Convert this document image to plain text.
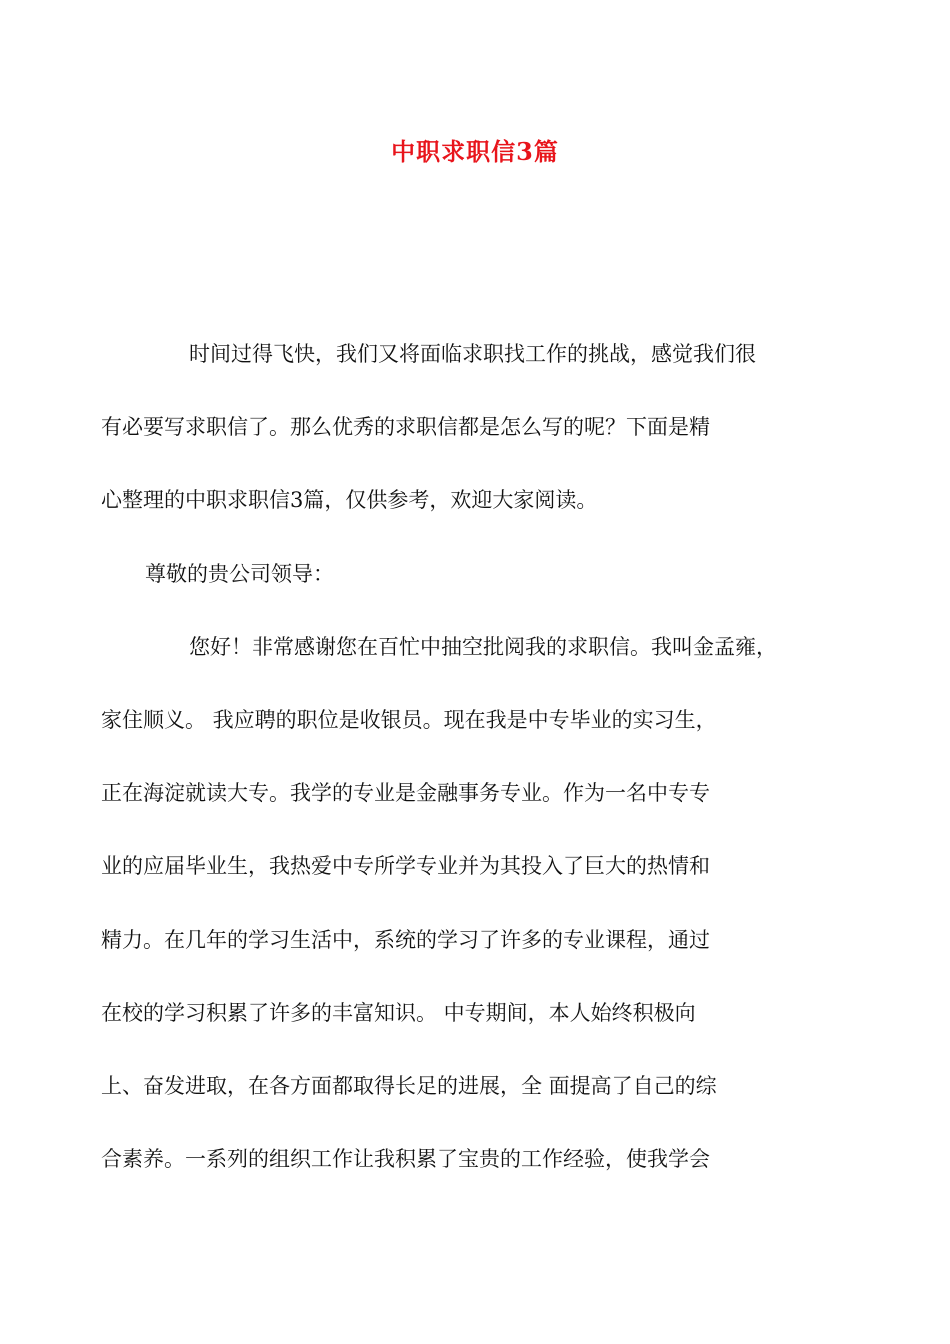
中职求职信3篇

时间过得飞快，我们又将面临求职找工作的挑战，感觉我们很
有必要写求职信了。那么优秀的求职信都是怎么写的呢？下面是精
心整理的中职求职信3篇，仅供参考，欢迎大家阅读。

尊敬的贵公司领导：

您好！非常感谢您在百忙中抽空批阅我的求职信。我叫金孟雍，
家住顺义。 我应聘的职位是收银员。现在我是中专毕业的实习生，
正在海淀就读大专。我学的专业是金融事务专业。作为一名中专专
业的应届毕业生，我热爱中专所学专业并为其投入了巨大的热情和
精力。在几年的学习生活中，系统的学习了许多的专业课程，通过
在校的学习积累了许多的丰富知识。 中专期间，本人始终积极向
上、奋发进取，在各方面都取得长足的进展，全 面提高了自己的综
合素养。一系列的组织工作让我积累了宝贵的工作经验，使我学会
